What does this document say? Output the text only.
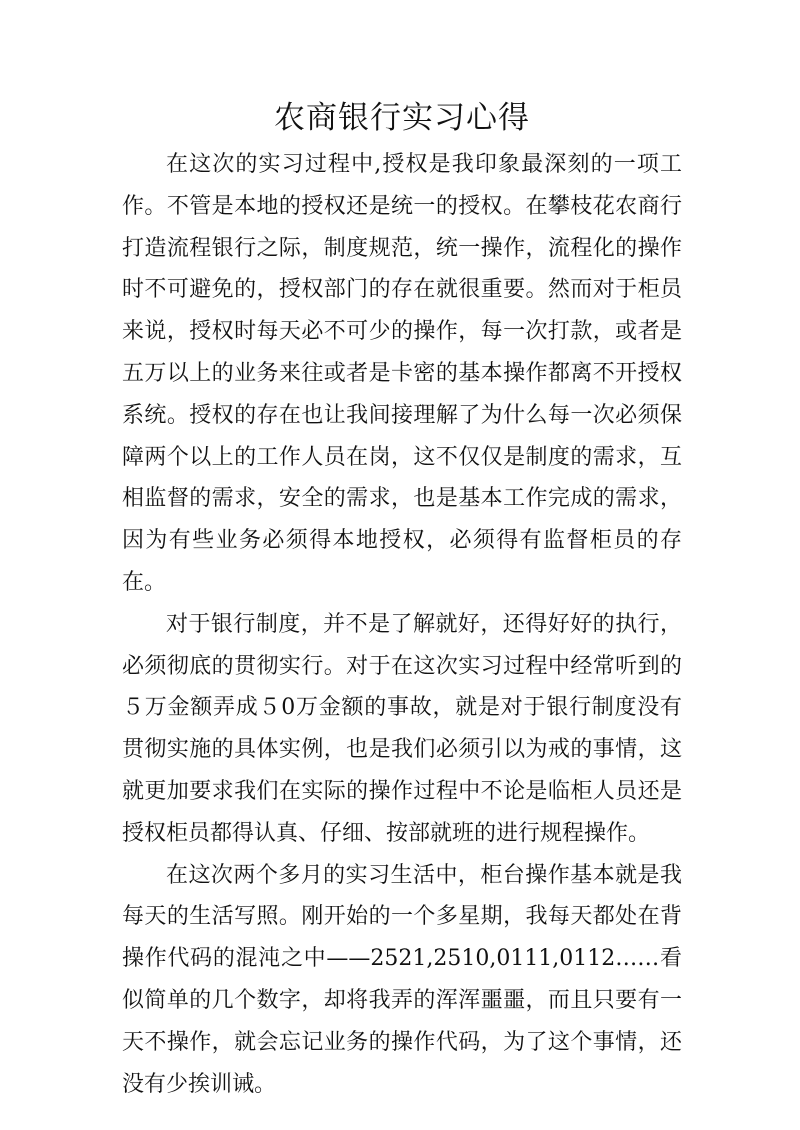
农商银行实习心得

在这次的实习过程中,授权是我印象最深刻的一项工作。不管是本地的授权还是统一的授权。在攀枝花农商行打造流程银行之际，制度规范，统一操作，流程化的操作时不可避免的，授权部门的存在就很重要。然而对于柜员来说，授权时每天必不可少的操作，每一次打款，或者是五万以上的业务来往或者是卡密的基本操作都离不开授权系统。授权的存在也让我间接理解了为什么每一次必须保障两个以上的工作人员在岗，这不仅仅是制度的需求，互相监督的需求，安全的需求，也是基本工作完成的需求，因为有些业务必须得本地授权，必须得有监督柜员的存在。

对于银行制度，并不是了解就好，还得好好的执行，必须彻底的贯彻实行。对于在这次实习过程中经常听到的５万金额弄成５0万金额的事故，就是对于银行制度没有贯彻实施的具体实例，也是我们必须引以为戒的事情，这就更加要求我们在实际的操作过程中不论是临柜人员还是授权柜员都得认真、仔细、按部就班的进行规程操作。

在这次两个多月的实习生活中，柜台操作基本就是我每天的生活写照。刚开始的一个多星期，我每天都处在背操作代码的混沌之中——2521,2510,0111,0112……看似简单的几个数字，却将我弄的浑浑噩噩，而且只要有一天不操作，就会忘记业务的操作代码，为了这个事情，还没有少挨训诫。
